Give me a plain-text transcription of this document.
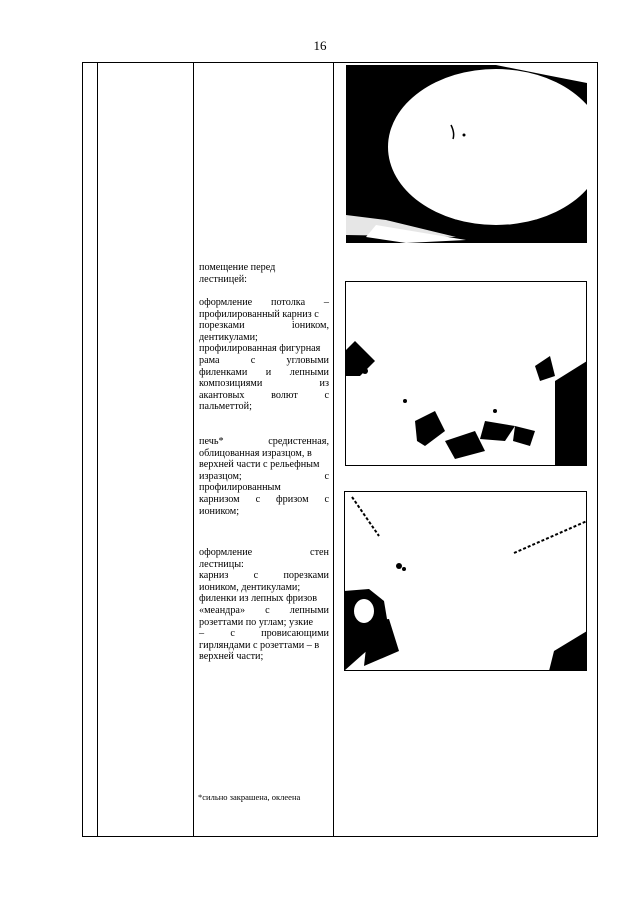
16
помещение перед
лестницей:
оформление потолка –
профилированный карниз с
порезками ioником,
дентикулами;
профилированная фигурная
рама с угловыми
филенками и лепными
композициями из
акантовых волют с
пальметтой;
печь* средистенная,
облицованная изразцом, в
верхней части с рельефным
изразцом; с
профилированным
карнизом с фризом с
иоником;
оформление стен
лестницы:
карниз с порезками
иоником, дентикулами;
филенки из лепных фризов
«меандра» с лепными
розеттами по углам; узкие
– с провисающими
гирляндами с розеттами – в
верхней части;
*сильно закрашена, оклеена
